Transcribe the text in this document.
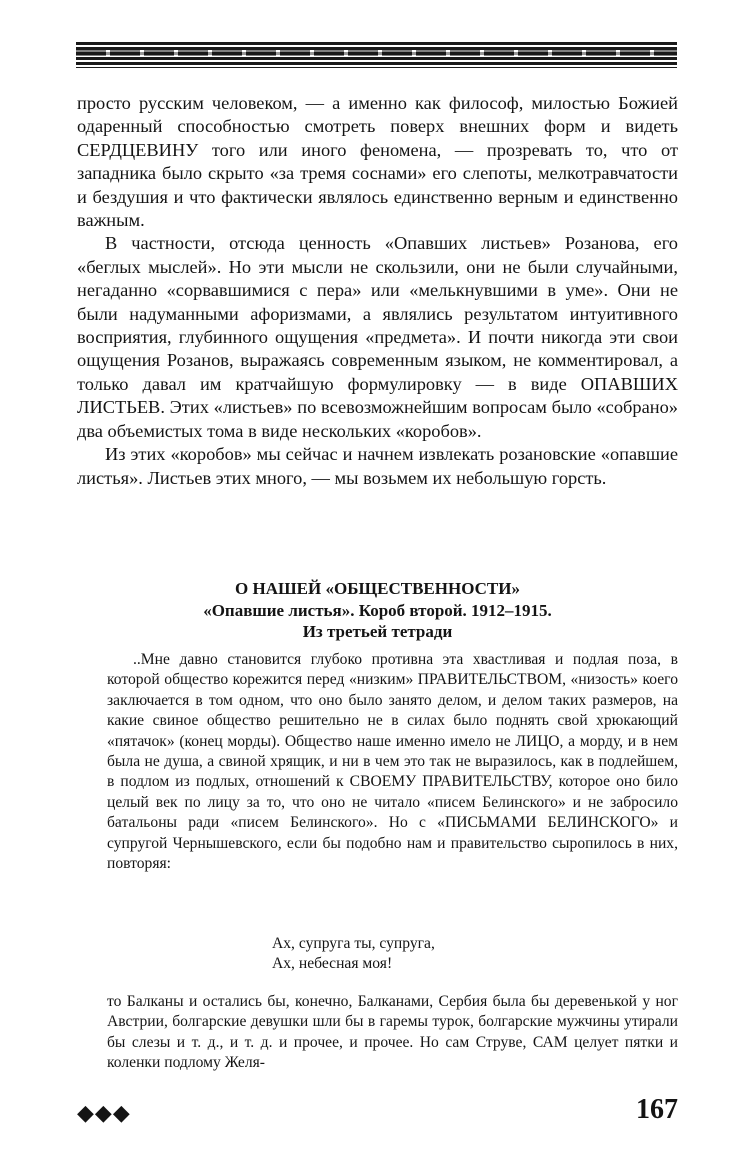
просто русским человеком, — а именно как философ, милостью Божией одаренный способностью смотреть поверх внешних форм и видеть СЕРДЦЕВИНУ того или иного феномена, — прозревать то, что от западника было скрыто «за тремя соснами» его слепоты, мелкотравчатости и бездушия и что фактически являлось единственно верным и единственно важным.

В частности, отсюда ценность «Опавших листьев» Розанова, его «беглых мыслей». Но эти мысли не скользили, они не были случайными, негаданно «сорвавшимися с пера» или «мелькнувшими в уме». Они не были надуманными афоризмами, а являлись результатом интуитивного восприятия, глубинного ощущения «предмета». И почти никогда эти свои ощущения Розанов, выражаясь современным языком, не комментировал, а только давал им кратчайшую формулировку — в виде ОПАВШИХ ЛИСТЬЕВ. Этих «листьев» по всевозможнейшим вопросам было «собрано» два объемистых тома в виде нескольких «коробов».

Из этих «коробов» мы сейчас и начнем извлекать розановские «опавшие листья». Листьев этих много, — мы возьмем их небольшую горсть.

О НАШЕЙ «ОБЩЕСТВЕННОСТИ»
«Опавшие листья». Короб второй. 1912–1915.
Из третьей тетради

..Мне давно становится глубоко противна эта хвастливая и подлая поза, в которой общество корежится перед «низким» ПРАВИТЕЛЬСТВОМ, «низость» коего заключается в том одном, что оно было занято делом, и делом таких размеров, на какие свиное общество решительно не в силах было поднять свой хрюкающий «пятачок» (конец морды). Общество наше именно имело не ЛИЦО, а морду, и в нем была не душа, а свиной хрящик, и ни в чем это так не выразилось, как в подлейшем, в подлом из подлых, отношений к СВОЕМУ ПРАВИТЕЛЬСТВУ, которое оно било целый век по лицу за то, что оно не читало «писем Белинского» и не забросило батальоны ради «писем Белинского». Но с «ПИСЬМАМИ БЕЛИНСКОГО» и супругой Чернышевского, если бы подобно нам и правительство сыропилось в них, повторяя:

Ах, супруга ты, супруга,
Ах, небесная моя!

то Балканы и остались бы, конечно, Балканами, Сербия была бы деревенькой у ног Австрии, болгарские девушки шли бы в гаремы турок, болгарские мужчины утирали бы слезы и т. д., и т. д. и прочее, и прочее. Но сам Струве, САМ целует пятки и коленки подлому Желя-

◆◆◆	167
